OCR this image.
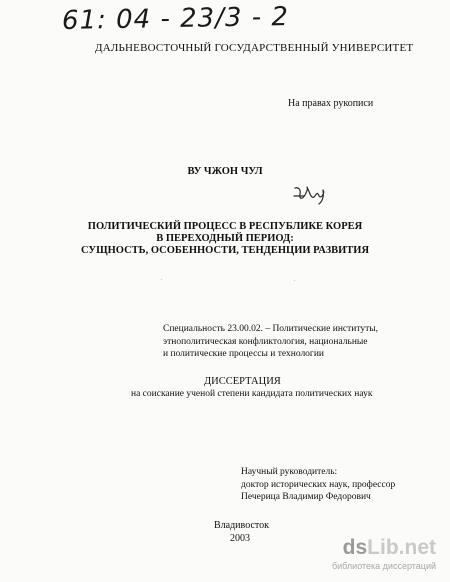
61: 04 - 23/3 - 2
ДАЛЬНЕВОСТОЧНЫЙ ГОСУДАРСТВЕННЫЙ УНИВЕРСИТЕТ
На правах рукописи
ВУ ЧЖОН ЧУЛ
ПОЛИТИЧЕСКИЙ ПРОЦЕСС В РЕСПУБЛИКЕ КОРЕЯ
В ПЕРЕХОДНЫЙ ПЕРИОД:
СУЩНОСТЬ, ОСОБЕННОСТИ, ТЕНДЕНЦИИ РАЗВИТИЯ
ˈ	ˈ
Специальность 23.00.02. – Политические институты,
этнополитическая конфликтология, национальные
и политические процессы и технологии
ДИССЕРТАЦИЯ
на соискание ученой степени кандидата политических наук
Научный руководитель:
доктор исторических наук, профессор
Печерица Владимир Федорович
Владивосток
2003	dsLib.net
библиотека диссертаций
